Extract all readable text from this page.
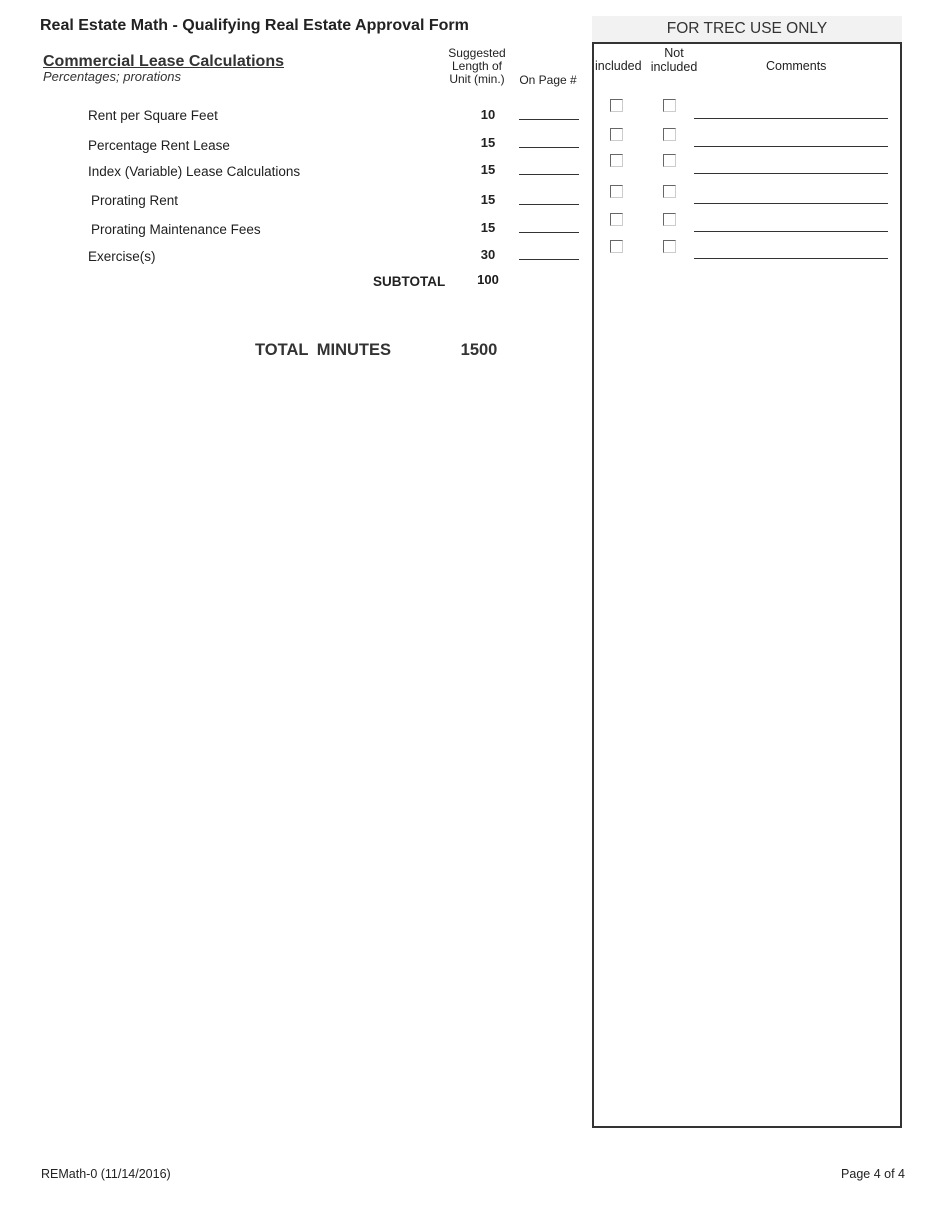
Real Estate Math - Qualifying Real Estate Approval Form
Commercial Lease Calculations
Percentages; prorations
Suggested
Length of
Unit (min.)	On Page #
Rent per Square Feet	10
Percentage Rent Lease	15
Index (Variable) Lease Calculations	15
Prorating Rent	15
Prorating Maintenance Fees	15
Exercise(s)	30
SUBTOTAL	100
TOTAL MINUTES	1500
FOR TREC USE ONLY
included
Not
included	Comments
REMath-0 (11/14/2016)	Page 4 of 4
